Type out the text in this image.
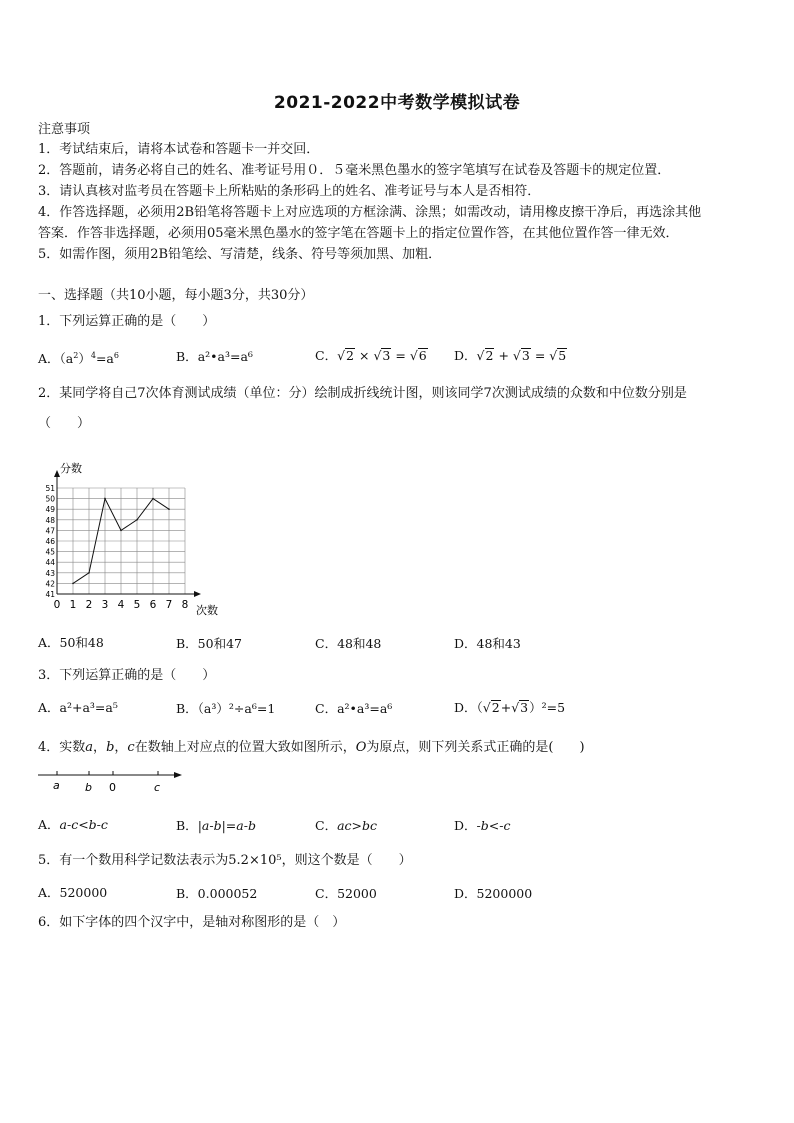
2021-2022中考数学模拟试卷
注意事项
1．考试结束后，请将本试卷和答题卡一并交回．
2．答题前，请务必将自己的姓名、准考证号用０．５毫米黑色墨水的签字笔填写在试卷及答题卡的规定位置．
3．请认真核对监考员在答题卡上所粘贴的条形码上的姓名、准考证号与本人是否相符．
4．作答选择题，必须用2B铅笔将答题卡上对应选项的方框涂满、涂黑；如需改动，请用橡皮擦干净后，再选涂其他
答案．作答非选择题，必须用05毫米黑色墨水的签字笔在答题卡上的指定位置作答，在其他位置作答一律无效．
5．如需作图，须用2B铅笔绘、写清楚，线条、符号等须加黑、加粗．
一、选择题（共10小题，每小题3分，共30分）
1．下列运算正确的是（　　）
A．$(a^2)^4=a^6$	B．a²•a³=a⁶	C．√2 × √3 = √6 D．√2 + √3 = √5
2．某同学将自己7次体育测试成绩（单位：分）绘制成折线统计图，则该同学7次测试成绩的众数和中位数分别是
（　　）
41
42
43
44
45
46
47
48
49
50
51
0 1 2 3 4 5 6 7 8
分数
次数
A．50和48	B．50和47	C．48和48	D．48和43
3．下列运算正确的是（　　）
A．a²+a³=a⁵	B．（a³）²÷a⁶=1	C．a²•a³=a⁶	D．（√2+√3）²=5
4．实数a，b，c在数轴上对应点的位置大致如图所示，O为原点，则下列关系式正确的是(　　)
a b 0	c
A．a-c<b-c	B．|a-b|=a-b	C．ac>bc	D．-b<-c
5．有一个数用科学记数法表示为5.2×10⁵，则这个数是（　　）
A．520000	B．0.000052	C．52000	D．5200000
6．如下字体的四个汉字中，是轴对称图形的是（　）
